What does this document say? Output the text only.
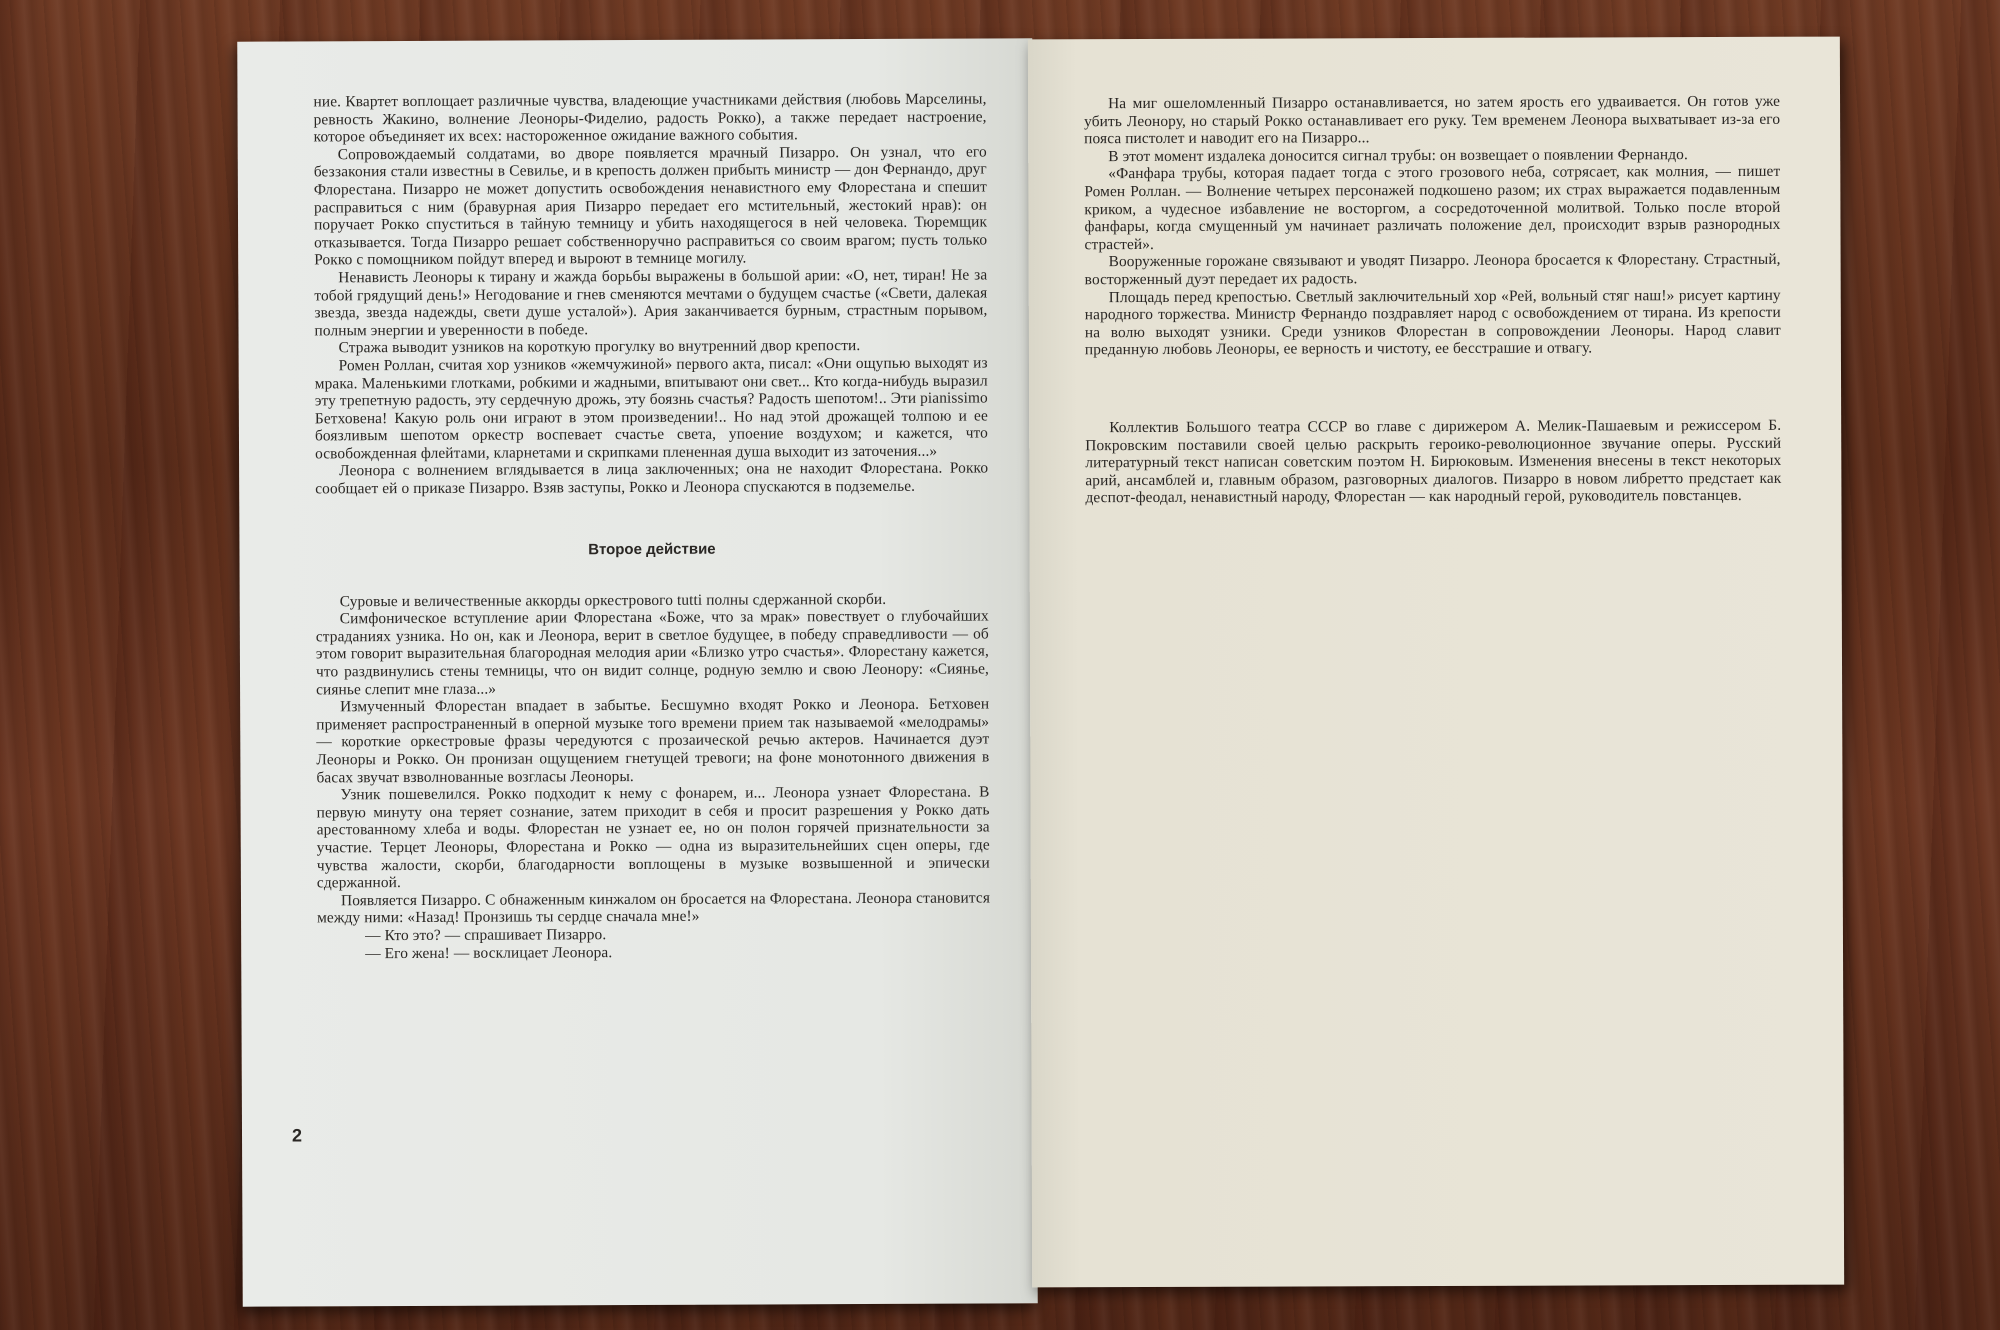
ние. Квартет воплощает различные чувства, владеющие участниками действия (любовь Марселины, ревность Жакино, волнение Леоноры-Фиделио, радость Рокко), а также передает настроение, которое объединяет их всех: настороженное ожидание важного события.

Сопровождаемый солдатами, во дворе появляется мрачный Пизарро. Он узнал, что его беззакония стали известны в Севилье, и в крепость должен прибыть министр — дон Фернандо, друг Флорестана. Пизарро не может допустить освобождения ненавистного ему Флорестана и спешит расправиться с ним (бравурная ария Пизарро передает его мстительный, жестокий нрав): он поручает Рокко спуститься в тайную темницу и убить находящегося в ней человека. Тюремщик отказывается. Тогда Пизарро решает собственноручно расправиться со своим врагом; пусть только Рокко с помощником пойдут вперед и выроют в темнице могилу.

Ненависть Леоноры к тирану и жажда борьбы выражены в большой арии: «О, нет, тиран! Не за тобой грядущий день!» Негодование и гнев сменяются мечтами о будущем счастье («Свети, далекая звезда, звезда надежды, свети душе усталой»). Ария заканчивается бурным, страстным порывом, полным энергии и уверенности в победе.

Стража выводит узников на короткую прогулку во внутренний двор крепости.

Ромен Роллан, считая хор узников «жемчужиной» первого акта, писал: «Они ощупью выходят из мрака. Маленькими глотками, робкими и жадными, впитывают они свет... Кто когда-нибудь выразил эту трепетную радость, эту сердечную дрожь, эту боязнь счастья? Радость шепотом!.. Эти pianissimo Бетховена! Какую роль они играют в этом произведении!.. Но над этой дрожащей толпою и ее боязливым шепотом оркестр воспевает счастье света, упоение воздухом; и кажется, что освобожденная флейтами, кларнетами и скрипками плененная душа выходит из заточения...»

Леонора с волнением вглядывается в лица заключенных; она не находит Флорестана. Рокко сообщает ей о приказе Пизарро. Взяв заступы, Рокко и Леонора спускаются в подземелье.

Второе действие

Суровые и величественные аккорды оркестрового tutti полны сдержанной скорби.

Симфоническое вступление арии Флорестана «Боже, что за мрак» повествует о глубочайших страданиях узника. Но он, как и Леонора, верит в светлое будущее, в победу справедливости — об этом говорит выразительная благородная мелодия арии «Близко утро счастья». Флорестану кажется, что раздвинулись стены темницы, что он видит солнце, родную землю и свою Леонору: «Сиянье, сиянье слепит мне глаза...»

Измученный Флорестан впадает в забытье. Бесшумно входят Рокко и Леонора. Бетховен применяет распространенный в оперной музыке того времени прием так называемой «мелодрамы» — короткие оркестровые фразы чередуются с прозаической речью актеров. Начинается дуэт Леоноры и Рокко. Он пронизан ощущением гнетущей тревоги; на фоне монотонного движения в басах звучат взволнованные возгласы Леоноры.

Узник пошевелился. Рокко подходит к нему с фонарем, и... Леонора узнает Флорестана. В первую минуту она теряет сознание, затем приходит в себя и просит разрешения у Рокко дать арестованному хлеба и воды. Флорестан не узнает ее, но он полон горячей признательности за участие. Терцет Леоноры, Флорестана и Рокко — одна из выразительнейших сцен оперы, где чувства жалости, скорби, благодарности воплощены в музыке возвышенной и эпически сдержанной.

Появляется Пизарро. С обнаженным кинжалом он бросается на Флорестана. Леонора становится между ними: «Назад! Пронзишь ты сердце сначала мне!»

— Кто это? — спрашивает Пизарро.

— Его жена! — восклицает Леонора.

2

На миг ошеломленный Пизарро останавливается, но затем ярость его удваивается. Он готов уже убить Леонору, но старый Рокко останавливает его руку. Тем временем Леонора выхватывает из-за его пояса пистолет и наводит его на Пизарро...

В этот момент издалека доносится сигнал трубы: он возвещает о появлении Фернандо.

«Фанфара трубы, которая падает тогда с этого грозового неба, сотрясает, как молния, — пишет Ромен Роллан. — Волнение четырех персонажей подкошено разом; их страх выражается подавленным криком, а чудесное избавление не восторгом, а сосредоточенной молитвой. Только после второй фанфары, когда смущенный ум начинает различать положение дел, происходит взрыв разнородных страстей».

Вооруженные горожане связывают и уводят Пизарро. Леонора бросается к Флорестану. Страстный, восторженный дуэт передает их радость.

Площадь перед крепостью. Светлый заключительный хор «Рей, вольный стяг наш!» рисует картину народного торжества. Министр Фернандо поздравляет народ с освобождением от тирана. Из крепости на волю выходят узники. Среди узников Флорестан в сопровождении Леоноры. Народ славит преданную любовь Леоноры, ее верность и чистоту, ее бесстрашие и отвагу.

Коллектив Большого театра СССР во главе с дирижером А. Мелик-Пашаевым и режиссером Б. Покровским поставили своей целью раскрыть героико-революционное звучание оперы. Русский литературный текст написан советским поэтом Н. Бирюковым. Изменения внесены в текст некоторых арий, ансамблей и, главным образом, разговорных диалогов. Пизарро в новом либретто предстает как деспот-феодал, ненавистный народу, Флорестан — как народный герой, руководитель повстанцев.
